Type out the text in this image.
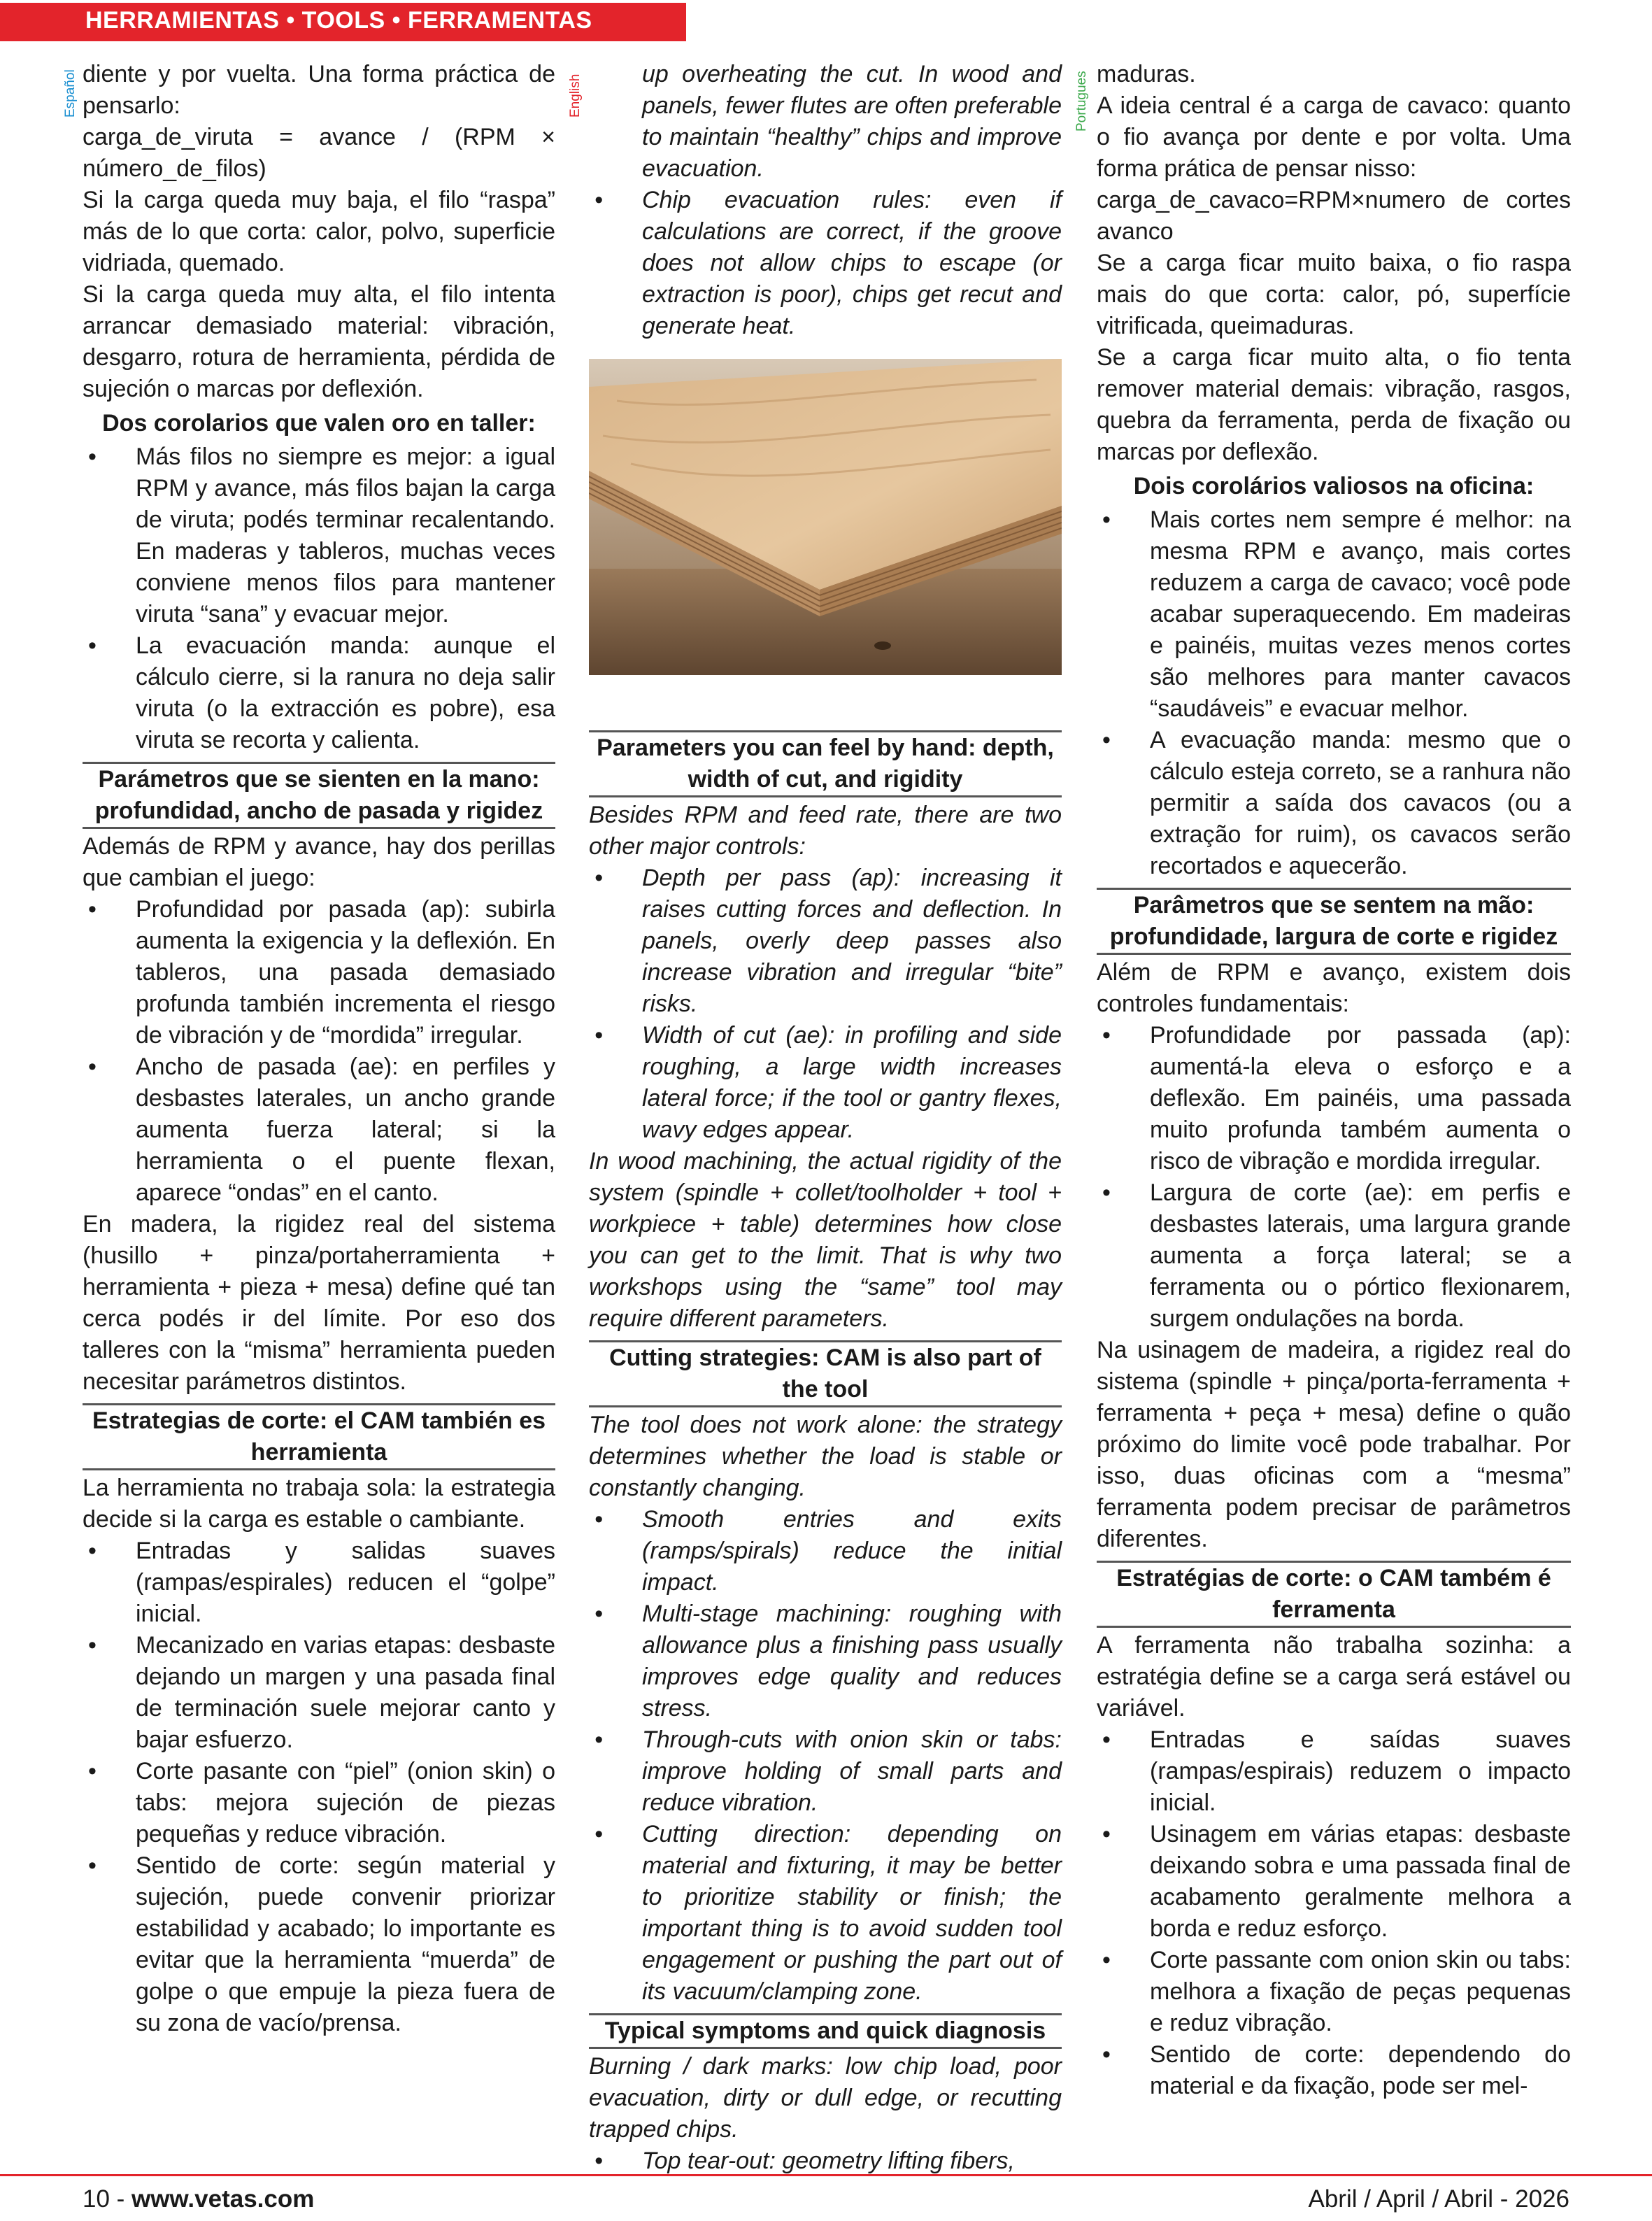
HERRAMIENTAS • TOOLS • FERRAMENTAS
Español	English	Portugues

diente y por vuelta. Una forma práctica de pensarlo:

carga_de_viruta = avance / (RPM × número_de_filos)

Si la carga queda muy baja, el filo “raspa” más de lo que corta: calor, polvo, superficie vidriada, quemado.

Si la carga queda muy alta, el filo intenta arrancar demasiado material: vibración, desgarro, rotura de herramienta, pérdida de sujeción o marcas por deflexión.

Dos corolarios que valen oro en taller:
• Más filos no siempre es mejor: a igual RPM y avance, más filos bajan la carga de viruta; podés terminar recalentando. En maderas y tableros, muchas veces conviene menos filos para mantener viruta “sana” y evacuar mejor.
• La evacuación manda: aunque el cálculo cierre, si la ranura no deja salir viruta (o la extracción es pobre), esa viruta se recorta y calienta.
Parámetros que se sienten en la mano: profundidad, ancho de pasada y rigidez

Además de RPM y avance, hay dos perillas que cambian el juego:

• Profundidad por pasada (ap): subirla aumenta la exigencia y la deflexión. En tableros, una pasada demasiado profunda también incrementa el riesgo de vibración y de “mordida” irregular.
• Ancho de pasada (ae): en perfiles y desbastes laterales, un ancho grande aumenta fuerza lateral; si la herramienta o el puente flexan, aparece “ondas” en el canto.

En madera, la rigidez real del sistema (husillo + pinza/portaherramienta + herramienta + pieza + mesa) define qué tan cerca podés ir del límite. Por eso dos talleres con la “misma” herramienta pueden necesitar parámetros distintos.

Estrategias de corte: el CAM también es herramienta

La herramienta no trabaja sola: la estrategia decide si la carga es estable o cambiante.

• Entradas y salidas suaves (rampas/espirales) reducen el “golpe” inicial.
• Mecanizado en varias etapas: desbaste dejando un margen y una pasada final de terminación suele mejorar canto y bajar esfuerzo.
• Corte pasante con “piel” (onion skin) o tabs: mejora sujeción de piezas pequeñas y reduce vibración.
• Sentido de corte: según material y sujeción, puede convenir priorizar estabilidad y acabado; lo importante es evitar que la herramienta “muerda” de golpe o que empuje la pieza fuera de su zona de vacío/prensa.

up overheating the cut. In wood and panels, fewer flutes are often preferable to maintain “healthy” chips and improve evacuation.

• Chip evacuation rules: even if calculations are correct, if the groove does not allow chips to escape (or extraction is poor), chips get recut and generate heat.
Parameters you can feel by hand: depth, width of cut, and rigidity

Besides RPM and feed rate, there are two other major controls:

• Depth per pass (ap): increasing it raises cutting forces and deflection. In panels, overly deep passes also increase vibration and irregular “bite” risks.
• Width of cut (ae): in profiling and side roughing, a large width increases lateral force; if the tool or gantry flexes, wavy edges appear.

In wood machining, the actual rigidity of the system (spindle + collet/toolholder + tool + workpiece + table) determines how close you can get to the limit. That is why two workshops using the “same” tool may require different parameters.

Cutting strategies: CAM is also part of the tool

The tool does not work alone: the strategy determines whether the load is stable or constantly changing.

• Smooth entries and exits (ramps/spirals) reduce the initial impact.
• Multi-stage machining: roughing with allowance plus a finishing pass usually improves edge quality and reduces stress.
• Through-cuts with onion skin or tabs: improve holding of small parts and reduce vibration.
• Cutting direction: depending on material and fixturing, it may be better to prioritize stability or finish; the important thing is to avoid sudden tool engagement or pushing the part out of its vacuum/clamping zone.
Typical symptoms and quick diagnosis

Burning / dark marks: low chip load, poor evacuation, dirty or dull edge, or recutting trapped chips.

• Top tear-out: geometry lifting fibers,

maduras.

A ideia central é a carga de cavaco: quanto o fio avança por dente e por volta. Uma forma prática de pensar nisso:

carga_de_cavaco=RPM×numero de cortes avanco

Se a carga ficar muito baixa, o fio raspa mais do que corta: calor, pó, superfície vitrificada, queimaduras.

Se a carga ficar muito alta, o fio tenta remover material demais: vibração, rasgos, quebra da ferramenta, perda de fixação ou marcas por deflexão.

Dois corolários valiosos na oficina:
• Mais cortes nem sempre é melhor: na mesma RPM e avanço, mais cortes reduzem a carga de cavaco; você pode acabar superaquecendo. Em madeiras e painéis, muitas vezes menos cortes são melhores para manter cavacos “saudáveis” e evacuar melhor.
• A evacuação manda: mesmo que o cálculo esteja correto, se a ranhura não permitir a saída dos cavacos (ou a extração for ruim), os cavacos serão recortados e aquecerão.
Parâmetros que se sentem na mão: profundidade, largura de corte e rigidez

Além de RPM e avanço, existem dois controles fundamentais:

• Profundidade por passada (ap): aumentá-la eleva o esforço e a deflexão. Em painéis, uma passada muito profunda também aumenta o risco de vibração e mordida irregular.
• Largura de corte (ae): em perfis e desbastes laterais, uma largura grande aumenta a força lateral; se a ferramenta ou o pórtico flexionarem, surgem ondulações na borda.

Na usinagem de madeira, a rigidez real do sistema (spindle + pinça/porta-ferramenta + ferramenta + peça + mesa) define o quão próximo do limite você pode trabalhar. Por isso, duas oficinas com a “mesma” ferramenta podem precisar de parâmetros diferentes.

Estratégias de corte: o CAM também é ferramenta

A ferramenta não trabalha sozinha: a estratégia define se a carga será estável ou variável.

• Entradas e saídas suaves (rampas/espirais) reduzem o impacto inicial.
• Usinagem em várias etapas: desbaste deixando sobra e uma passada final de acabamento geralmente melhora a borda e reduz esforço.
• Corte passante com onion skin ou tabs: melhora a fixação de peças pequenas e reduz vibração.
• Sentido de corte: dependendo do material e da fixação, pode ser mel-
10 - www.vetas.com	Abril / April / Abril - 2026
